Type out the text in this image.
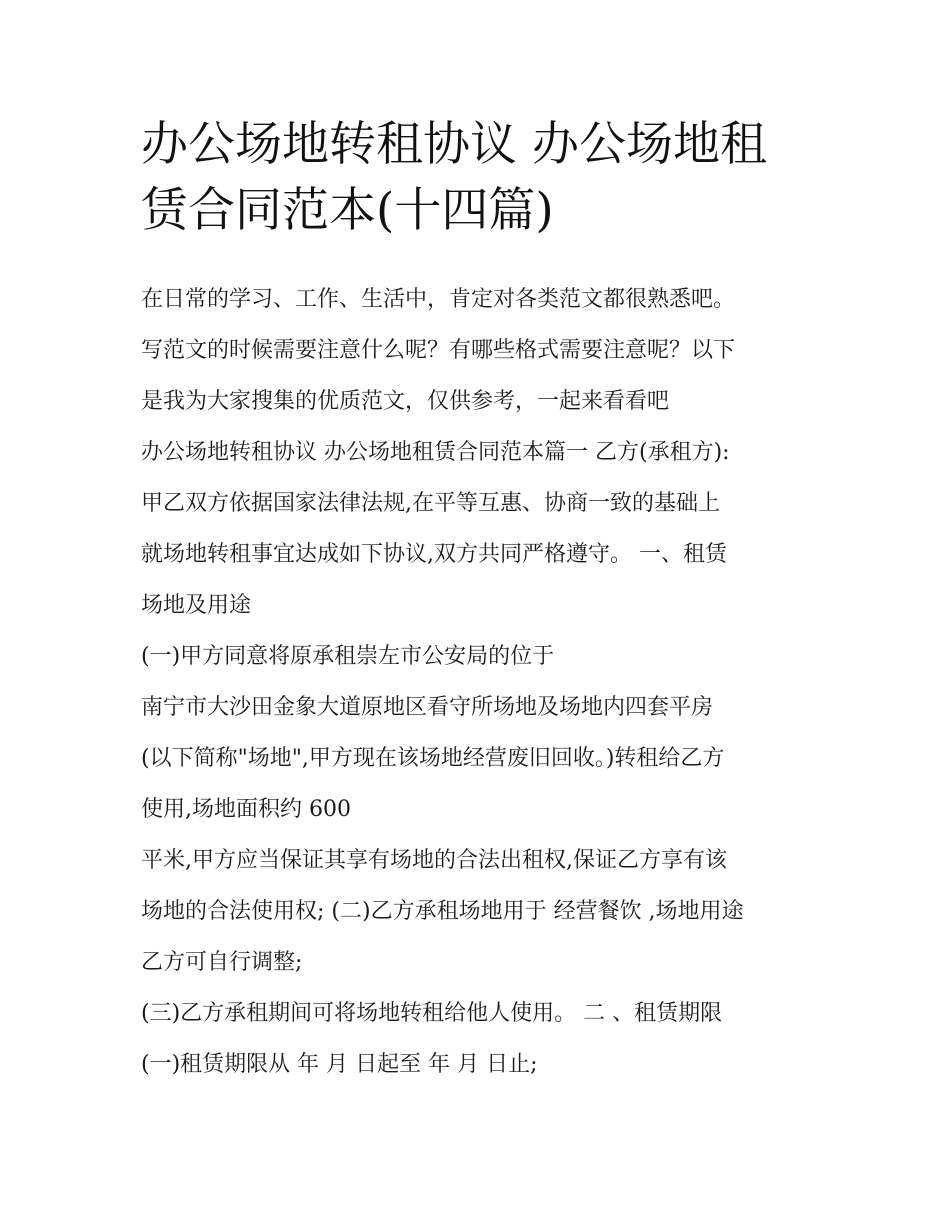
办公场地转租协议 办公场地租
赁合同范本(十四篇)
在日常的学习、工作、生活中，肯定对各类范文都很熟悉吧。
写范文的时候需要注意什么呢？有哪些格式需要注意呢？以下
是我为大家搜集的优质范文，仅供参考，一起来看看吧
办公场地转租协议 办公场地租赁合同范本篇一 乙方(承租方):
甲乙双方依据国家法律法规,在平等互惠、协商一致的基础上
就场地转租事宜达成如下协议,双方共同严格遵守。 一、租赁
场地及用途
(一)甲方同意将原承租崇左市公安局的位于
南宁市大沙田金象大道原地区看守所场地及场地内四套平房
(以下简称"场地",甲方现在该场地经营废旧回收。)转租给乙方
使用,场地面积约 600
平米,甲方应当保证其享有场地的合法出租权,保证乙方享有该
场地的合法使用权; (二)乙方承租场地用于 经营餐饮 ,场地用途
乙方可自行调整;
(三)乙方承租期间可将场地转租给他人使用。 二 、租赁期限
(一)租赁期限从 年 月 日起至 年 月 日止;
